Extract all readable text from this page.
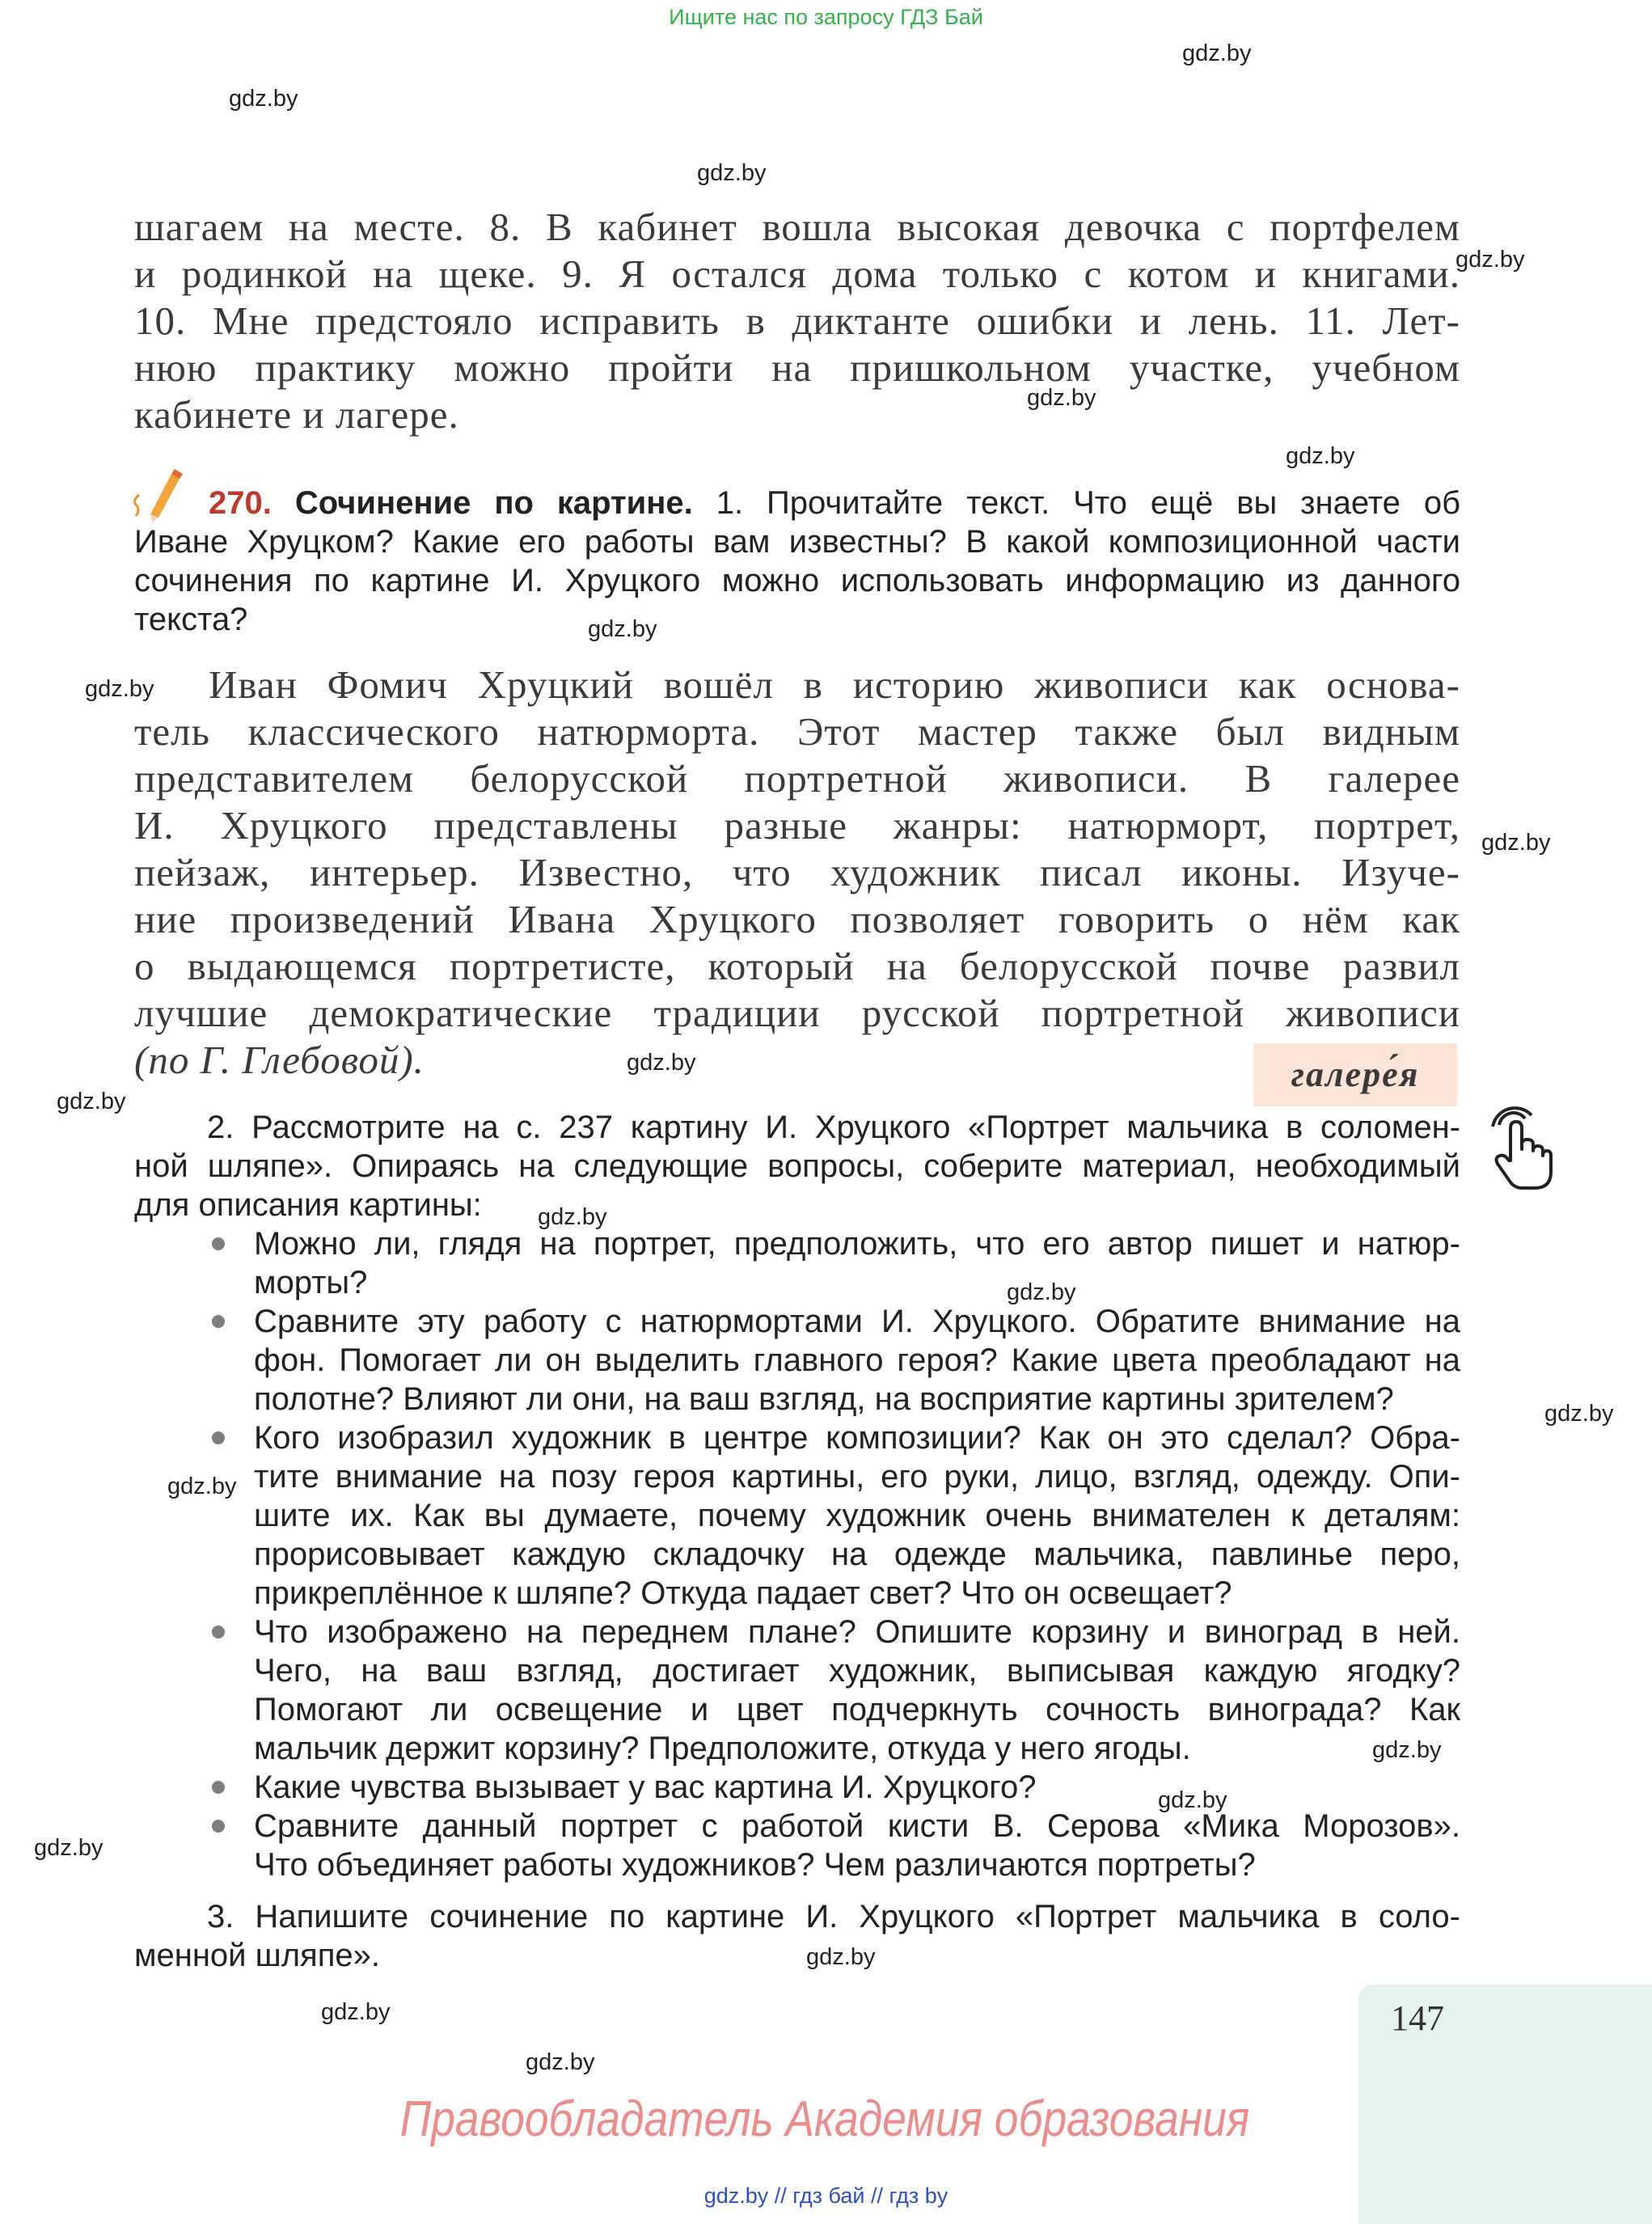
Ищите нас по запросу ГДЗ Бай
gdz.by
gdz.by
gdz.by
gdz.by
gdz.by
gdz.by
gdz.by
gdz.by
gdz.by
gdz.by
gdz.by
gdz.by
gdz.by
gdz.by
gdz.by
gdz.by
gdz.by
gdz.by
gdz.by
gdz.by
gdz.by
шагаем на месте. 8. В кабинет вошла высокая девочка с портфелем
и родинкой на щеке. 9. Я остался дома только с котом и книгами.
10. Мне предстояло исправить в диктанте ошибки и лень. 11. Лет-
нюю практику можно пройти на пришкольном участке, учебном
кабинете и лагере.
270. Сочинение по картине. 1. Прочитайте текст. Что ещё вы знаете об
Иване Хруцком? Какие его работы вам известны? В какой композиционной части
сочинения по картине И. Хруцкого можно использовать информацию из данного
текста?
Иван Фомич Хруцкий вошёл в историю живописи как основа-
тель классического натюрморта. Этот мастер также был видным
представителем белорусской портретной живописи. В галерее
И. Хруцкого представлены разные жанры: натюрморт, портрет,
пейзаж, интерьер. Известно, что художник писал иконы. Изуче-
ние произведений Ивана Хруцкого позволяет говорить о нём как
о выдающемся портретисте, который на белорусской почве развил
лучшие демократические традиции русской портретной живописи
(по Г. Глебовой).	галере́я
2. Рассмотрите на с. 237 картину И. Хруцкого «Портрет мальчика в соломен-
ной шляпе». Опираясь на следующие вопросы, соберите материал, необходимый
для описания картины:
Можно ли, глядя на портрет, предположить, что его автор пишет и натюр-
морты?
Сравните эту работу с натюрмортами И. Хруцкого. Обратите внимание на
фон. Помогает ли он выделить главного героя? Какие цвета преобладают на
полотне? Влияют ли они, на ваш взгляд, на восприятие картины зрителем?
Кого изобразил художник в центре композиции? Как он это сделал? Обра-
тите внимание на позу героя картины, его руки, лицо, взгляд, одежду. Опи-
шите их. Как вы думаете, почему художник очень внимателен к деталям:
прорисовывает каждую складочку на одежде мальчика, павлинье перо,
прикреплённое к шляпе? Откуда падает свет? Что он освещает?
Что изображено на переднем плане? Опишите корзину и виноград в ней.
Чего, на ваш взгляд, достигает художник, выписывая каждую ягодку?
Помогают ли освещение и цвет подчеркнуть сочность винограда? Как
мальчик держит корзину? Предположите, откуда у него ягоды.
Какие чувства вызывает у вас картина И. Хруцкого?
Сравните данный портрет с работой кисти В. Серова «Мика Морозов».
Что объединяет работы художников? Чем различаются портреты?
3. Напишите сочинение по картине И. Хруцкого «Портрет мальчика в соло-
менной шляпе».
147
Правообладатель Академия образования
gdz.by // гдз бай // гдз by
